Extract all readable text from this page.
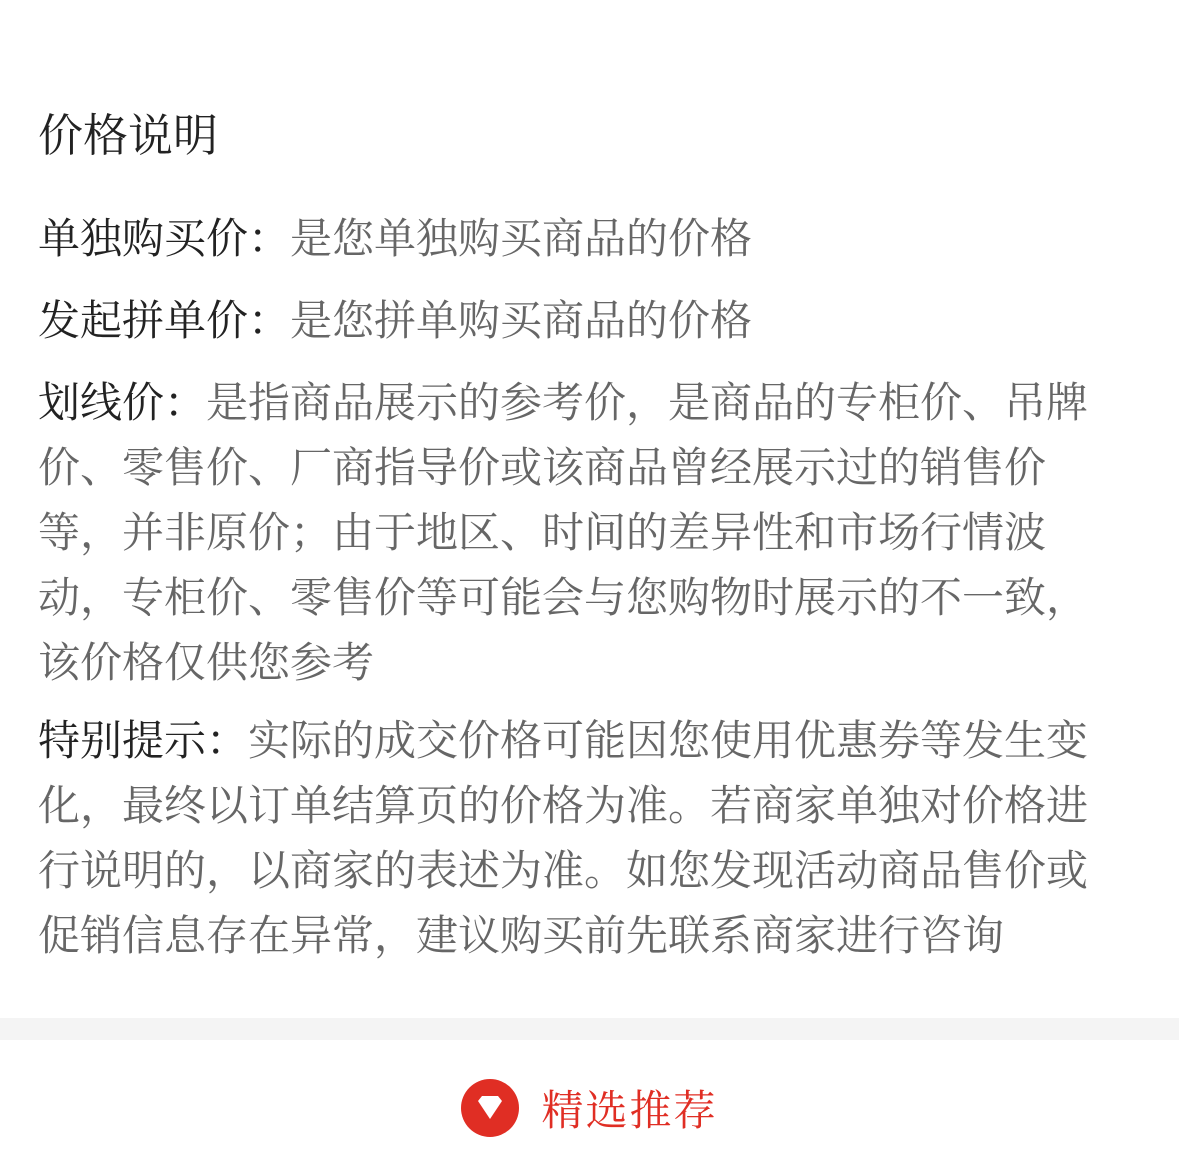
价格说明

单独购买价：是您单独购买商品的价格

发起拼单价：是您拼单购买商品的价格

划线价：是指商品展示的参考价，是商品的专柜价、吊牌价、零售价、厂商指导价或该商品曾经展示过的销售价等，并非原价；由于地区、时间的差异性和市场行情波动，专柜价、零售价等可能会与您购物时展示的不一致，该价格仅供您参考

特别提示：实际的成交价格可能因您使用优惠券等发生变化，最终以订单结算页的价格为准。若商家单独对价格进行说明的，以商家的表述为准。如您发现活动商品售价或促销信息存在异常，建议购买前先联系商家进行咨询

精选推荐
